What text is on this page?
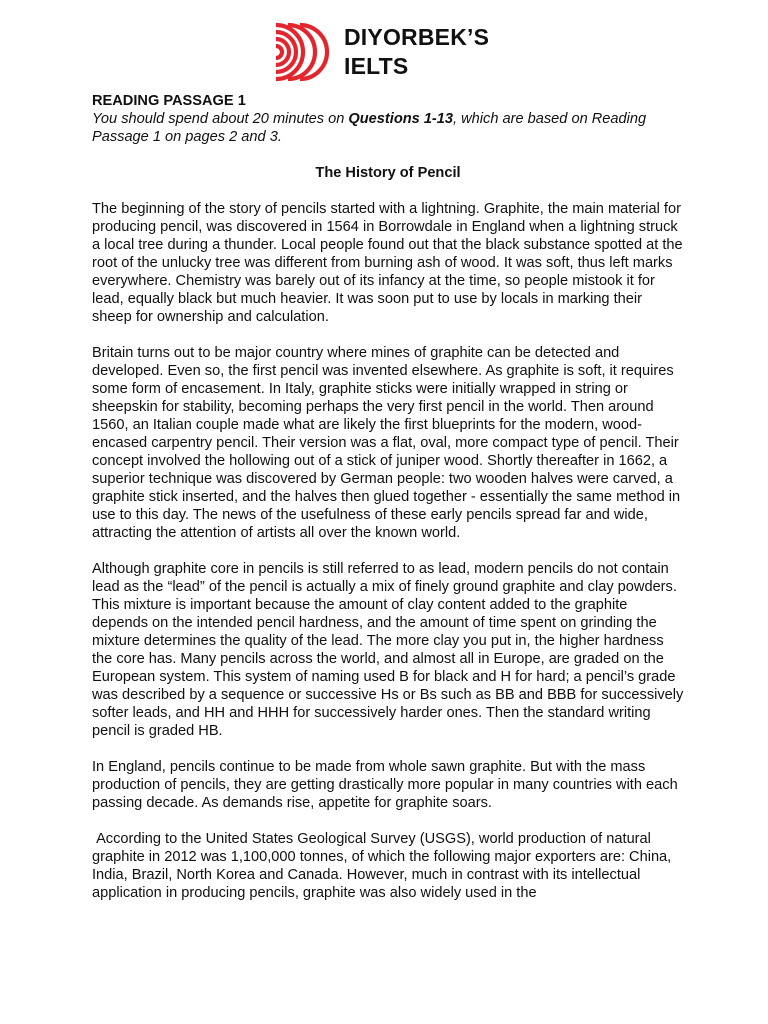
DIYORBEK’S
IELTS

READING PASSAGE 1

You should spend about 20 minutes on Questions 1-13, which are based on Reading Passage 1 on pages 2 and 3.

The History of Pencil

The beginning of the story of pencils started with a lightning. Graphite, the main material for producing pencil, was discovered in 1564 in Borrowdale in England when a lightning struck a local tree during a thunder. Local people found out that the black substance spotted at the root of the unlucky tree was different from burning ash of wood. It was soft, thus left marks everywhere. Chemistry was barely out of its infancy at the time, so people mistook it for lead, equally black but much heavier. It was soon put to use by locals in marking their sheep for ownership and calculation.

Britain turns out to be major country where mines of graphite can be detected and developed. Even so, the first pencil was invented elsewhere. As graphite is soft, it requires some form of encasement. In Italy, graphite sticks were initially wrapped in string or sheepskin for stability, becoming perhaps the very first pencil in the world. Then around 1560, an Italian couple made what are likely the first blueprints for the modern, wood-encased carpentry pencil. Their version was a flat, oval, more compact type of pencil. Their concept involved the hollowing out of a stick of juniper wood. Shortly thereafter in 1662, a superior technique was discovered by German people: two wooden halves were carved, a graphite stick inserted, and the halves then glued together - essentially the same method in use to this day. The news of the usefulness of these early pencils spread far and wide, attracting the attention of artists all over the known world.

Although graphite core in pencils is still referred to as lead, modern pencils do not contain lead as the “lead” of the pencil is actually a mix of finely ground graphite and clay powders. This mixture is important because the amount of clay content added to the graphite depends on the intended pencil hardness, and the amount of time spent on grinding the mixture determines the quality of the lead. The more clay you put in, the higher hardness the core has. Many pencils across the world, and almost all in Europe, are graded on the European system. This system of naming used B for black and H for hard; a pencil’s grade was described by a sequence or successive Hs or Bs such as BB and BBB for successively softer leads, and HH and HHH for successively harder ones. Then the standard writing pencil is graded HB.

In England, pencils continue to be made from whole sawn graphite. But with the mass production of pencils, they are getting drastically more popular in many countries with each passing decade. As demands rise, appetite for graphite soars.

According to the United States Geological Survey (USGS), world production of natural graphite in 2012 was 1,100,000 tonnes, of which the following major exporters are: China, India, Brazil, North Korea and Canada. However, much in contrast with its intellectual application in producing pencils, graphite was also widely used in the
